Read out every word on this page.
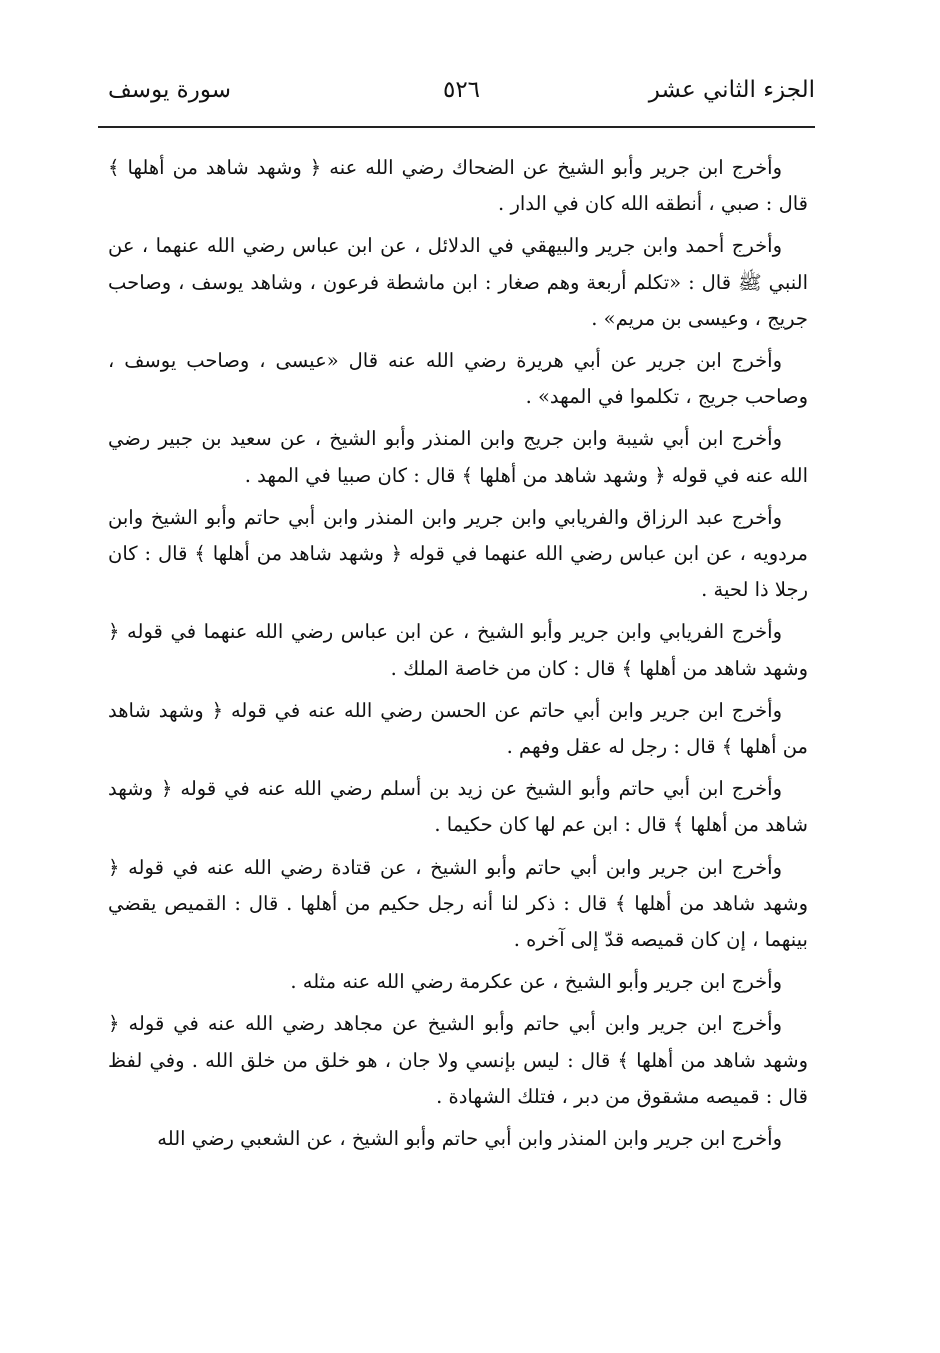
الجزء الثاني عشر
٥٢٦
سورة يوسف

وأخرج ابن جرير وأبو الشيخ عن الضحاك رضي الله عنه ﴿ وشهد شاهد من أهلها ﴾ قال : صبي ، أنطقه الله كان في الدار .

وأخرج أحمد وابن جرير والبيهقي في الدلائل ، عن ابن عباس رضي الله عنهما ، عن النبي ﷺ قال : «تكلم أربعة وهم صغار : ابن ماشطة فرعون ، وشاهد يوسف ، وصاحب جريج ، وعيسى بن مريم» .

وأخرج ابن جرير عن أبي هريرة رضي الله عنه قال «عيسى ، وصاحب يوسف ، وصاحب جريج ، تكلموا في المهد» .

وأخرج ابن أبي شيبة وابن جريج وابن المنذر وأبو الشيخ ، عن سعيد بن جبير رضي الله عنه في قوله ﴿ وشهد شاهد من أهلها ﴾ قال : كان صبيا في المهد .

وأخرج عبد الرزاق والفريابي وابن جرير وابن المنذر وابن أبي حاتم وأبو الشيخ وابن مردويه ، عن ابن عباس رضي الله عنهما في قوله ﴿ وشهد شاهد من أهلها ﴾ قال : كان رجلا ذا لحية .

وأخرج الفريابي وابن جرير وأبو الشيخ ، عن ابن عباس رضي الله عنهما في قوله ﴿ وشهد شاهد من أهلها ﴾ قال : كان من خاصة الملك .

وأخرج ابن جرير وابن أبي حاتم عن الحسن رضي الله عنه في قوله ﴿ وشهد شاهد من أهلها ﴾ قال : رجل له عقل وفهم .

وأخرج ابن أبي حاتم وأبو الشيخ عن زيد بن أسلم رضي الله عنه في قوله ﴿ وشهد شاهد من أهلها ﴾ قال : ابن عم لها كان حكيما .

وأخرج ابن جرير وابن أبي حاتم وأبو الشيخ ، عن قتادة رضي الله عنه في قوله ﴿ وشهد شاهد من أهلها ﴾ قال : ذكر لنا أنه رجل حكيم من أهلها . قال : القميص يقضي بينهما ، إن كان قميصه قدّ إلى آخره .

وأخرج ابن جرير وأبو الشيخ ، عن عكرمة رضي الله عنه مثله .

وأخرج ابن جرير وابن أبي حاتم وأبو الشيخ عن مجاهد رضي الله عنه في قوله ﴿ وشهد شاهد من أهلها ﴾ قال : ليس بإنسي ولا جان ، هو خلق من خلق الله . وفي لفظ قال : قميصه مشقوق من دبر ، فتلك الشهادة .

وأخرج ابن جرير وابن المنذر وابن أبي حاتم وأبو الشيخ ، عن الشعبي رضي الله
